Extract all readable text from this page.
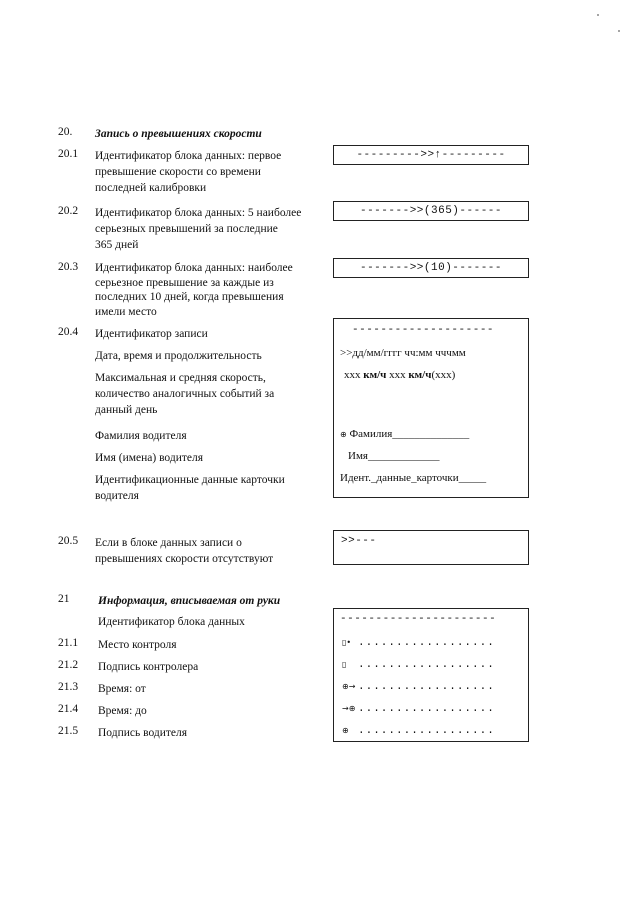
20. Запись о превышениях скорости
20.1 Идентификатор блока данных: первое
превышение скорости со времени
последней калибровки
--------->>↑---------
20.2 Идентификатор блока данных: 5 наиболее
серьезных превышений за последние
365 дней
------->>(365)------
20.3 Идентификатор блока данных: наиболее
серьезное превышение за каждые из
последних 10 дней, когда превышения
имели место
------->>(10)-------
20.4 Идентификатор записи
Дата, время и продолжительность
Максимальная и средняя скорость,
количество аналогичных событий за
данный день
Фамилия водителя
Имя (имена) водителя
Идентификационные данные карточки
водителя
--------------------
>>дд/мм/гггг чч:мм чччмм
xxx км/ч xxx км/ч(xxx)
⊕ Фамилия______________
Имя_____________
Идент._данные_карточки_____
20.5 Если в блоке данных записи о
превышениях скорости отсутствуют
>>---
21 Информация, вписываемая от руки
Идентификатор блока данных
21.1 Место контроля
21.2 Подпись контролера
21.3 Время: от
21.4 Время: до
21.5 Подпись водителя
----------------------
▯• ..................
▯ ..................
⊕→ ..................
→⊕ ..................
⊕ ..................
